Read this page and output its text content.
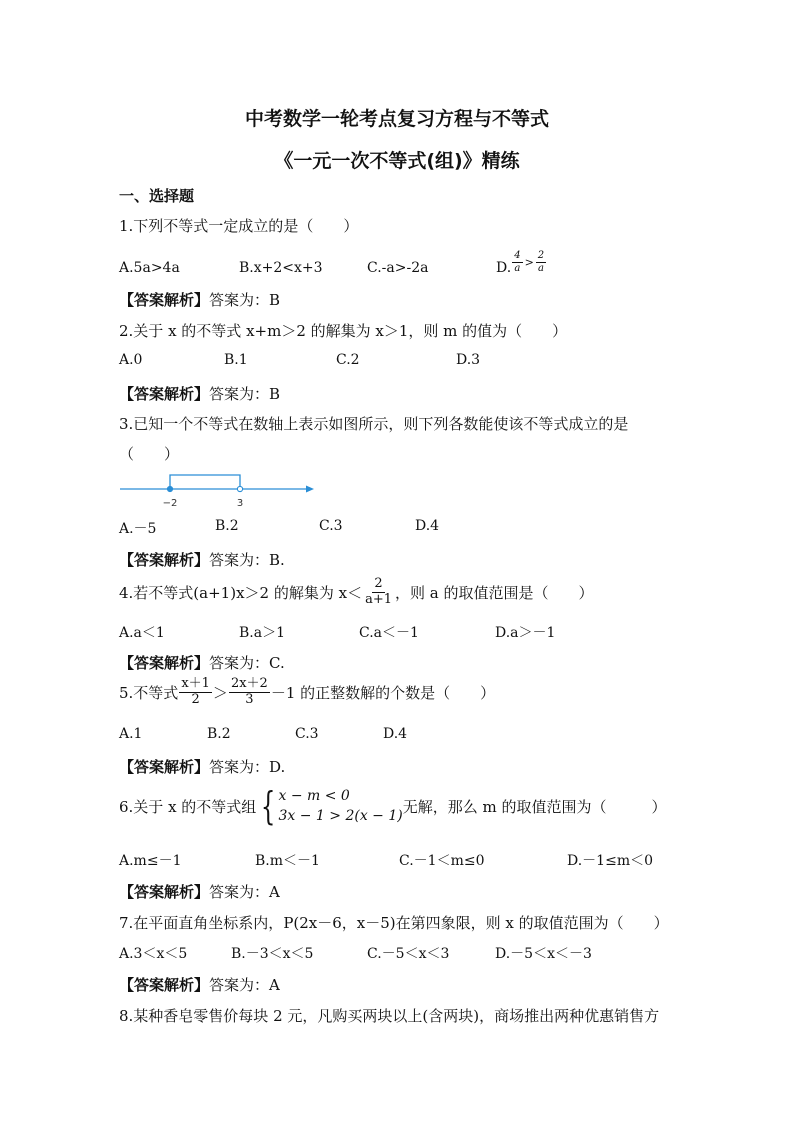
中考数学一轮考点复习方程与不等式
《一元一次不等式(组)》精练
一、选择题
1.下列不等式一定成立的是（　　）
A.5a>4a	B.x+2<x+3	C.-a>-2a	D. $\frac{4}{a} > \frac{2}{a}$
【答案解析】答案为：B
2.关于 x 的不等式 x+m＞2 的解集为 x＞1，则 m 的值为（　　）
A.0	B.1	C.2	D.3
【答案解析】答案为：B
3.已知一个不等式在数轴上表示如图所示，则下列各数能使该不等式成立的是
（　　）
−2	3
A.－5	B.2	C.3	D.4
【答案解析】答案为：B.
4.若不等式(a+1)x＞2 的解集为 $x< \frac{2}{a+1}$ ，则 a 的取值范围是（　　）
A.a＜1	B.a＞1	C.a＜－1	D.a＞－1
【答案解析】答案为：C.
5.不等式 $\frac{x+1}{2} > \frac{2x+2}{3} -1$ 的正整数解的个数是（　　）
A.1	B.2	C.3	D.4
【答案解析】答案为：D.
6.关于 x 的不等式组 { x − m < 0
3x − 1 > 2(x − 1)
无解，那么 m 的取值范围为（　　　）
A.m≤－1	B.m＜－1	C.－1＜m≤0	D.－1≤m＜0
【答案解析】答案为：A
7.在平面直角坐标系内，P(2x－6，x－5)在第四象限，则 x 的取值范围为（　　）
A.3＜x＜5	B.－3＜x＜5	C.－5＜x＜3	D.－5＜x＜－3
【答案解析】答案为：A
8.某种香皂零售价每块 2 元，凡购买两块以上(含两块)，商场推出两种优惠销售方
